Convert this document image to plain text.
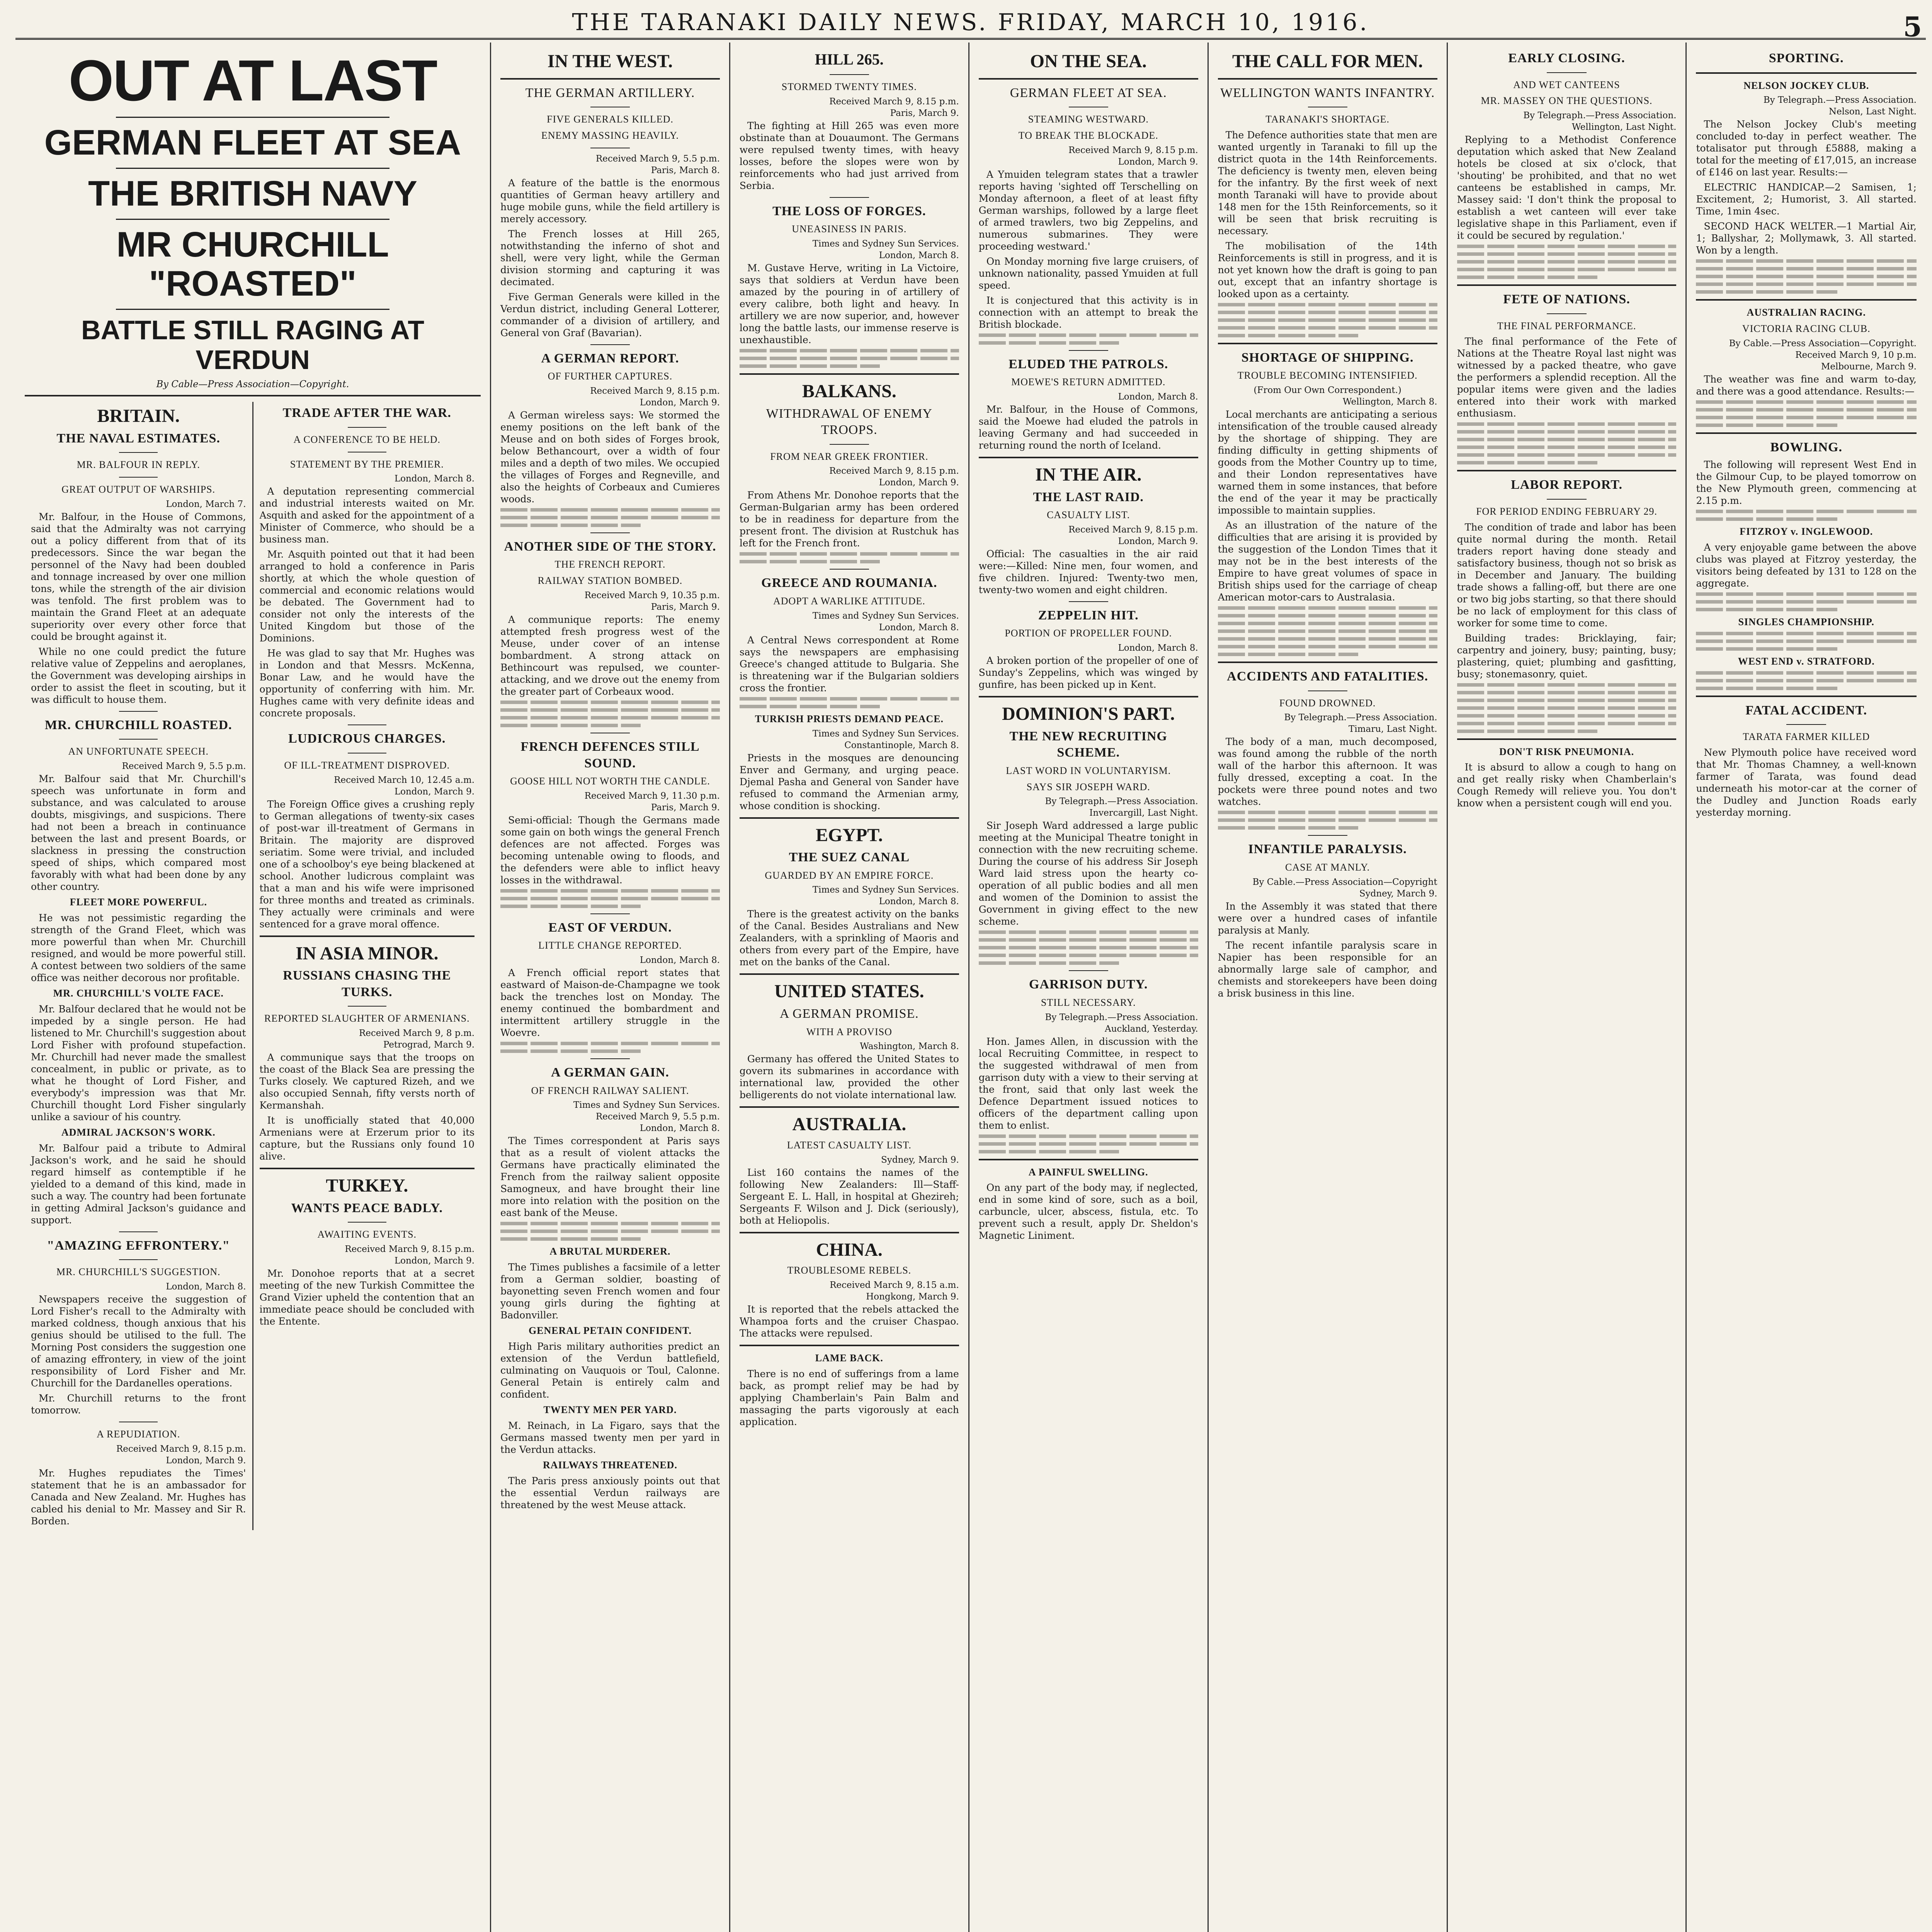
THE TARANAKI DAILY NEWS. FRIDAY, MARCH 10, 1916.	5
OUT AT LAST
GERMAN FLEET AT SEA
THE BRITISH NAVY
MR CHURCHILL "ROASTED"
BATTLE STILL RAGING AT VERDUN
By Cable—Press Association—Copyright.
BRITAIN.
THE NAVAL ESTIMATES.
MR. BALFOUR IN REPLY.
GREAT OUTPUT OF WARSHIPS.
London, March 7.

Mr. Balfour, in the House of Commons, said that the Admiralty was not carrying out a policy different from that of its predecessors. Since the war began the personnel of the Navy had been doubled and tonnage increased by over one million tons, while the strength of the air division was tenfold. The first problem was to maintain the Grand Fleet at an adequate superiority over every other force that could be brought against it.

While no one could predict the future relative value of Zeppelins and aeroplanes, the Government was developing airships in order to assist the fleet in scouting, but it was difficult to house them.

MR. CHURCHILL ROASTED.
AN UNFORTUNATE SPEECH.
Received March 9, 5.5 p.m.

Mr. Balfour said that Mr. Churchill's speech was unfortunate in form and substance, and was calculated to arouse doubts, misgivings, and suspicions. There had not been a breach in continuance between the last and present Boards, or slackness in pressing the construction speed of ships, which compared most favorably with what had been done by any other country.

FLEET MORE POWERFUL.

He was not pessimistic regarding the strength of the Grand Fleet, which was more powerful than when Mr. Churchill resigned, and would be more powerful still. A contest between two soldiers of the same office was neither decorous nor profitable.

MR. CHURCHILL'S VOLTE FACE.

Mr. Balfour declared that he would not be impeded by a single person. He had listened to Mr. Churchill's suggestion about Lord Fisher with profound stupefaction. Mr. Churchill had never made the smallest concealment, in public or private, as to what he thought of Lord Fisher, and everybody's impression was that Mr. Churchill thought Lord Fisher singularly unlike a saviour of his country.

ADMIRAL JACKSON'S WORK.

Mr. Balfour paid a tribute to Admiral Jackson's work, and he said he should regard himself as contemptible if he yielded to a demand of this kind, made in such a way. The country had been fortunate in getting Admiral Jackson's guidance and support.

"AMAZING EFFRONTERY."
MR. CHURCHILL'S SUGGESTION.
London, March 8.

Newspapers receive the suggestion of Lord Fisher's recall to the Admiralty with marked coldness, though anxious that his genius should be utilised to the full. The Morning Post considers the suggestion one of amazing effrontery, in view of the joint responsibility of Lord Fisher and Mr. Churchill for the Dardanelles operations.

Mr. Churchill returns to the front tomorrow.

A REPUDIATION.
Received March 9, 8.15 p.m.
London, March 9.

Mr. Hughes repudiates the Times' statement that he is an ambassador for Canada and New Zealand. Mr. Hughes has cabled his denial to Mr. Massey and Sir R. Borden.

TRADE AFTER THE WAR.
A CONFERENCE TO BE HELD.
STATEMENT BY THE PREMIER.
London, March 8.

A deputation representing commercial and industrial interests waited on Mr. Asquith and asked for the appointment of a Minister of Commerce, who should be a business man.

Mr. Asquith pointed out that it had been arranged to hold a conference in Paris shortly, at which the whole question of commercial and economic relations would be debated. The Government had to consider not only the interests of the United Kingdom but those of the Dominions.

He was glad to say that Mr. Hughes was in London and that Messrs. McKenna, Bonar Law, and he would have the opportunity of conferring with him. Mr. Hughes came with very definite ideas and concrete proposals.

LUDICROUS CHARGES.
OF ILL-TREATMENT DISPROVED.
Received March 10, 12.45 a.m.
London, March 9.

The Foreign Office gives a crushing reply to German allegations of twenty-six cases of post-war ill-treatment of Germans in Britain. The majority are disproved seriatim. Some were trivial, and included one of a schoolboy's eye being blackened at school. Another ludicrous complaint was that a man and his wife were imprisoned for three months and treated as criminals. They actually were criminals and were sentenced for a grave moral offence.

IN ASIA MINOR.
RUSSIANS CHASING THE TURKS.
REPORTED SLAUGHTER OF ARMENIANS.
Received March 9, 8 p.m.
Petrograd, March 9.

A communique says that the troops on the coast of the Black Sea are pressing the Turks closely. We captured Rizeh, and we also occupied Sennah, fifty versts north of Kermanshah.

It is unofficially stated that 40,000 Armenians were at Erzerum prior to its capture, but the Russians only found 10 alive.

TURKEY.
WANTS PEACE BADLY.
AWAITING EVENTS.
Received March 9, 8.15 p.m.
London, March 9.

Mr. Donohoe reports that at a secret meeting of the new Turkish Committee the Grand Vizier upheld the contention that an immediate peace should be concluded with the Entente.

IN THE WEST.
THE GERMAN ARTILLERY.
FIVE GENERALS KILLED.
ENEMY MASSING HEAVILY.
Received March 9, 5.5 p.m.
Paris, March 8.

A feature of the battle is the enormous quantities of German heavy artillery and huge mobile guns, while the field artillery is merely accessory.

The French losses at Hill 265, notwithstanding the inferno of shot and shell, were very light, while the German division storming and capturing it was decimated.

Five German Generals were killed in the Verdun district, including General Lotterer, commander of a division of artillery, and General von Graf (Bavarian).

A GERMAN REPORT.
OF FURTHER CAPTURES.
Received March 9, 8.15 p.m.
London, March 9.

A German wireless says: We stormed the enemy positions on the left bank of the Meuse and on both sides of Forges brook, below Bethancourt, over a width of four miles and a depth of two miles. We occupied the villages of Forges and Regneville, and also the heights of Corbeaux and Cumieres woods.

ANOTHER SIDE OF THE STORY.
THE FRENCH REPORT.
RAILWAY STATION BOMBED.
Received March 9, 10.35 p.m.
Paris, March 9.

A communique reports: The enemy attempted fresh progress west of the Meuse, under cover of an intense bombardment. A strong attack on Bethincourt was repulsed, we counter-attacking, and we drove out the enemy from the greater part of Corbeaux wood.

FRENCH DEFENCES STILL SOUND.
GOOSE HILL NOT WORTH THE CANDLE.
Received March 9, 11.30 p.m.
Paris, March 9.

Semi-official: Though the Germans made some gain on both wings the general French defences are not affected. Forges was becoming untenable owing to floods, and the defenders were able to inflict heavy losses in the withdrawal.

EAST OF VERDUN.
LITTLE CHANGE REPORTED.
London, March 8.

A French official report states that eastward of Maison-de-Champagne we took back the trenches lost on Monday. The enemy continued the bombardment and intermittent artillery struggle in the Woevre.

A GERMAN GAIN.
OF FRENCH RAILWAY SALIENT.
Times and Sydney Sun Services.
Received March 9, 5.5 p.m.
London, March 8.

The Times correspondent at Paris says that as a result of violent attacks the Germans have practically eliminated the French from the railway salient opposite Samogneux, and have brought their line more into relation with the position on the east bank of the Meuse.

A BRUTAL MURDERER.

The Times publishes a facsimile of a letter from a German soldier, boasting of bayonetting seven French women and four young girls during the fighting at Badonviller.

GENERAL PETAIN CONFIDENT.

High Paris military authorities predict an extension of the Verdun battlefield, culminating on Vauquois or Toul, Calonne. General Petain is entirely calm and confident.

TWENTY MEN PER YARD.

M. Reinach, in La Figaro, says that the Germans massed twenty men per yard in the Verdun attacks.

RAILWAYS THREATENED.

The Paris press anxiously points out that the essential Verdun railways are threatened by the west Meuse attack.

HILL 265.
STORMED TWENTY TIMES.
Received March 9, 8.15 p.m.
Paris, March 9.

The fighting at Hill 265 was even more obstinate than at Douaumont. The Germans were repulsed twenty times, with heavy losses, before the slopes were won by reinforcements who had just arrived from Serbia.

THE LOSS OF FORGES.
UNEASINESS IN PARIS.
Times and Sydney Sun Services.
London, March 8.

M. Gustave Herve, writing in La Victoire, says that soldiers at Verdun have been amazed by the pouring in of artillery of every calibre, both light and heavy. In artillery we are now superior, and, however long the battle lasts, our immense reserve is unexhaustible.

BALKANS.
WITHDRAWAL OF ENEMY TROOPS.
FROM NEAR GREEK FRONTIER.
Received March 9, 8.15 p.m.
London, March 9.

From Athens Mr. Donohoe reports that the German-Bulgarian army has been ordered to be in readiness for departure from the present front. The division at Rustchuk has left for the French front.

GREECE AND ROUMANIA.
ADOPT A WARLIKE ATTITUDE.
Times and Sydney Sun Services.
London, March 8.

A Central News correspondent at Rome says the newspapers are emphasising Greece's changed attitude to Bulgaria. She is threatening war if the Bulgarian soldiers cross the frontier.

TURKISH PRIESTS DEMAND PEACE.
Times and Sydney Sun Services.
Constantinople, March 8.

Priests in the mosques are denouncing Enver and Germany, and urging peace. Djemal Pasha and General von Sander have refused to command the Armenian army, whose condition is shocking.

EGYPT.
THE SUEZ CANAL
GUARDED BY AN EMPIRE FORCE.
Times and Sydney Sun Services.
London, March 8.

There is the greatest activity on the banks of the Canal. Besides Australians and New Zealanders, with a sprinkling of Maoris and others from every part of the Empire, have met on the banks of the Canal.

UNITED STATES.
A GERMAN PROMISE.
WITH A PROVISO
Washington, March 8.

Germany has offered the United States to govern its submarines in accordance with international law, provided the other belligerents do not violate international law.

AUSTRALIA.
LATEST CASUALTY LIST.
Sydney, March 9.

List 160 contains the names of the following New Zealanders: Ill—Staff-Sergeant E. L. Hall, in hospital at Ghezireh; Sergeants F. Wilson and J. Dick (seriously), both at Heliopolis.

CHINA.
TROUBLESOME REBELS.
Received March 9, 8.15 a.m.
Hongkong, March 9.

It is reported that the rebels attacked the Whampoa forts and the cruiser Chaspao. The attacks were repulsed.

LAME BACK.

There is no end of sufferings from a lame back, as prompt relief may be had by applying Chamberlain's Pain Balm and massaging the parts vigorously at each application.

ON THE SEA.
GERMAN FLEET AT SEA.
STEAMING WESTWARD.
TO BREAK THE BLOCKADE.
Received March 9, 8.15 p.m.
London, March 9.

A Ymuiden telegram states that a trawler reports having 'sighted off Terschelling on Monday afternoon, a fleet of at least fifty German warships, followed by a large fleet of armed trawlers, two big Zeppelins, and numerous submarines. They were proceeding westward.'

On Monday morning five large cruisers, of unknown nationality, passed Ymuiden at full speed.

It is conjectured that this activity is in connection with an attempt to break the British blockade.

ELUDED THE PATROLS.
MOEWE'S RETURN ADMITTED.
London, March 8.

Mr. Balfour, in the House of Commons, said the Moewe had eluded the patrols in leaving Germany and had succeeded in returning round the north of Iceland.

IN THE AIR.
THE LAST RAID.
CASUALTY LIST.
Received March 9, 8.15 p.m.
London, March 9.

Official: The casualties in the air raid were:—Killed: Nine men, four women, and five children. Injured: Twenty-two men, twenty-two women and eight children.

ZEPPELIN HIT.
PORTION OF PROPELLER FOUND.
London, March 8.

A broken portion of the propeller of one of Sunday's Zeppelins, which was winged by gunfire, has been picked up in Kent.

DOMINION'S PART.
THE NEW RECRUITING SCHEME.
LAST WORD IN VOLUNTARYISM.
SAYS SIR JOSEPH WARD.
By Telegraph.—Press Association.
Invercargill, Last Night.

Sir Joseph Ward addressed a large public meeting at the Municipal Theatre tonight in connection with the new recruiting scheme. During the course of his address Sir Joseph Ward laid stress upon the hearty co-operation of all public bodies and all men and women of the Dominion to assist the Government in giving effect to the new scheme.

GARRISON DUTY.
STILL NECESSARY.
By Telegraph.—Press Association.
Auckland, Yesterday.

Hon. James Allen, in discussion with the local Recruiting Committee, in respect to the suggested withdrawal of men from garrison duty with a view to their serving at the front, said that only last week the Defence Department issued notices to officers of the department calling upon them to enlist.

A PAINFUL SWELLING.

On any part of the body may, if neglected, end in some kind of sore, such as a boil, carbuncle, ulcer, abscess, fistula, etc. To prevent such a result, apply Dr. Sheldon's Magnetic Liniment.

THE CALL FOR MEN.
WELLINGTON WANTS INFANTRY.
TARANAKI'S SHORTAGE.

The Defence authorities state that men are wanted urgently in Taranaki to fill up the district quota in the 14th Reinforcements. The deficiency is twenty men, eleven being for the infantry. By the first week of next month Taranaki will have to provide about 148 men for the 15th Reinforcements, so it will be seen that brisk recruiting is necessary.

The mobilisation of the 14th Reinforcements is still in progress, and it is not yet known how the draft is going to pan out, except that an infantry shortage is looked upon as a certainty.

SHORTAGE OF SHIPPING.
TROUBLE BECOMING INTENSIFIED.
(From Our Own Correspondent.)
Wellington, March 8.

Local merchants are anticipating a serious intensification of the trouble caused already by the shortage of shipping. They are finding difficulty in getting shipments of goods from the Mother Country up to time, and their London representatives have warned them in some instances, that before the end of the year it may be practically impossible to maintain supplies.

As an illustration of the nature of the difficulties that are arising it is provided by the suggestion of the London Times that it may not be in the best interests of the Empire to have great volumes of space in British ships used for the carriage of cheap American motor-cars to Australasia.

ACCIDENTS AND FATALITIES.
FOUND DROWNED.
By Telegraph.—Press Association.
Timaru, Last Night.

The body of a man, much decomposed, was found among the rubble of the north wall of the harbor this afternoon. It was fully dressed, excepting a coat. In the pockets were three pound notes and two watches.

INFANTILE PARALYSIS.
CASE AT MANLY.
By Cable.—Press Association—Copyright
Sydney, March 9.

In the Assembly it was stated that there were over a hundred cases of infantile paralysis at Manly.

The recent infantile paralysis scare in Napier has been responsible for an abnormally large sale of camphor, and chemists and storekeepers have been doing a brisk business in this line.

EARLY CLOSING.
AND WET CANTEENS
MR. MASSEY ON THE QUESTIONS.
By Telegraph.—Press Association.
Wellington, Last Night.

Replying to a Methodist Conference deputation which asked that New Zealand hotels be closed at six o'clock, that 'shouting' be prohibited, and that no wet canteens be established in camps, Mr. Massey said: 'I don't think the proposal to establish a wet canteen will ever take legislative shape in this Parliament, even if it could be secured by regulation.'

FETE OF NATIONS.
THE FINAL PERFORMANCE.

The final performance of the Fete of Nations at the Theatre Royal last night was witnessed by a packed theatre, who gave the performers a splendid reception. All the popular items were given and the ladies entered into their work with marked enthusiasm.

LABOR REPORT.
FOR PERIOD ENDING FEBRUARY 29.

The condition of trade and labor has been quite normal during the month. Retail traders report having done steady and satisfactory business, though not so brisk as in December and January. The building trade shows a falling-off, but there are one or two big jobs starting, so that there should be no lack of employment for this class of worker for some time to come.

Building trades: Bricklaying, fair; carpentry and joinery, busy; painting, busy; plastering, quiet; plumbing and gasfitting, busy; stonemasonry, quiet.

DON'T RISK PNEUMONIA.

It is absurd to allow a cough to hang on and get really risky when Chamberlain's Cough Remedy will relieve you. You don't know when a persistent cough will end you.

SPORTING.
NELSON JOCKEY CLUB.
By Telegraph.—Press Association.
Nelson, Last Night.

The Nelson Jockey Club's meeting concluded to-day in perfect weather. The totalisator put through £5888, making a total for the meeting of £17,015, an increase of £146 on last year. Results:—

ELECTRIC HANDICAP.—2 Samisen, 1; Excitement, 2; Humorist, 3. All started. Time, 1min 4sec.

SECOND HACK WELTER.—1 Martial Air, 1; Ballyshar, 2; Mollymawk, 3. All started. Won by a length.

AUSTRALIAN RACING.
VICTORIA RACING CLUB.
By Cable.—Press Association—Copyright.
Received March 9, 10 p.m.
Melbourne, March 9.

The weather was fine and warm to-day, and there was a good attendance. Results:—

BOWLING.

The following will represent West End in the Gilmour Cup, to be played tomorrow on the New Plymouth green, commencing at 2.15 p.m.

FITZROY v. INGLEWOOD.

A very enjoyable game between the above clubs was played at Fitzroy yesterday, the visitors being defeated by 131 to 128 on the aggregate.

SINGLES CHAMPIONSHIP.
WEST END v. STRATFORD.
FATAL ACCIDENT.
TARATA FARMER KILLED

New Plymouth police have received word that Mr. Thomas Chamney, a well-known farmer of Tarata, was found dead underneath his motor-car at the corner of the Dudley and Junction Roads early yesterday morning.
